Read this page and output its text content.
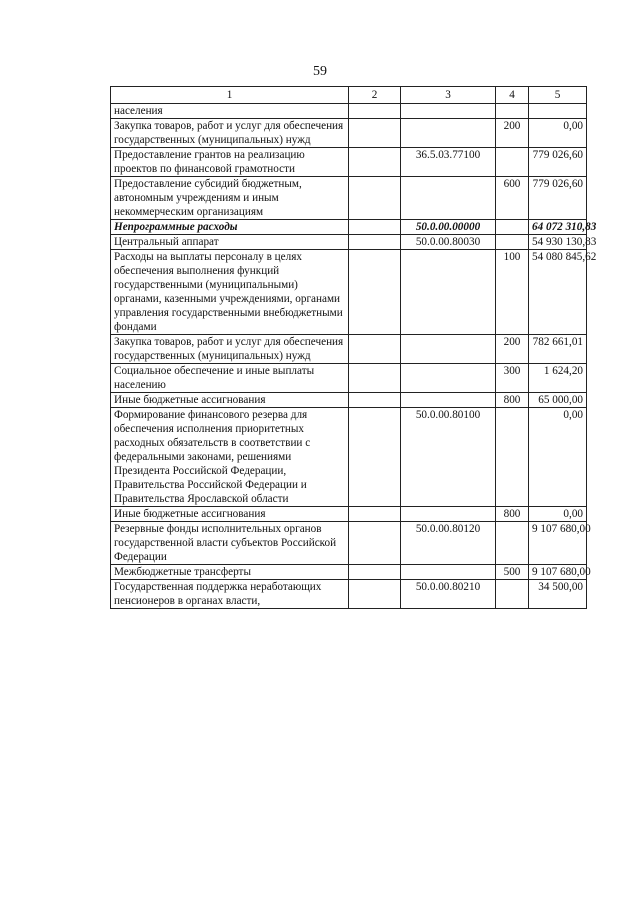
59
1	2	3	4	5
населения				
Закупка товаров, работ и услуг для обеспечения государственных (муниципальных) нужд			200	0,00
Предоставление грантов на реализацию проектов по финансовой грамотности		36.5.03.77100		779 026,60
Предоставление субсидий бюджетным, автономным учреждениям и иным некоммерческим организациям			600	779 026,60
Непрограммные расходы		50.0.00.00000		64 072 310,83
Центральный аппарат		50.0.00.80030		54 930 130,83
Расходы на выплаты персоналу в целях обеспечения выполнения функций государственными (муниципальными) органами, казенными учреждениями, органами управления государственными внебюджетными фондами			100	54 080 845,62
Закупка товаров, работ и услуг для обеспечения государственных (муниципальных) нужд			200	782 661,01
Социальное обеспечение и иные выплаты населению			300	1 624,20
Иные бюджетные ассигнования			800	65 000,00
Формирование финансового резерва для обеспечения исполнения приоритетных расходных обязательств в соответствии с федеральными законами, решениями Президента Российской Федерации, Правительства Российской Федерации и Правительства Ярославской области		50.0.00.80100		0,00
Иные бюджетные ассигнования			800	0,00
Резервные фонды исполнительных органов государственной власти субъектов Российской Федерации		50.0.00.80120		9 107 680,00
Межбюджетные трансферты			500	9 107 680,00
Государственная поддержка неработающих пенсионеров в органах власти,		50.0.00.80210		34 500,00
